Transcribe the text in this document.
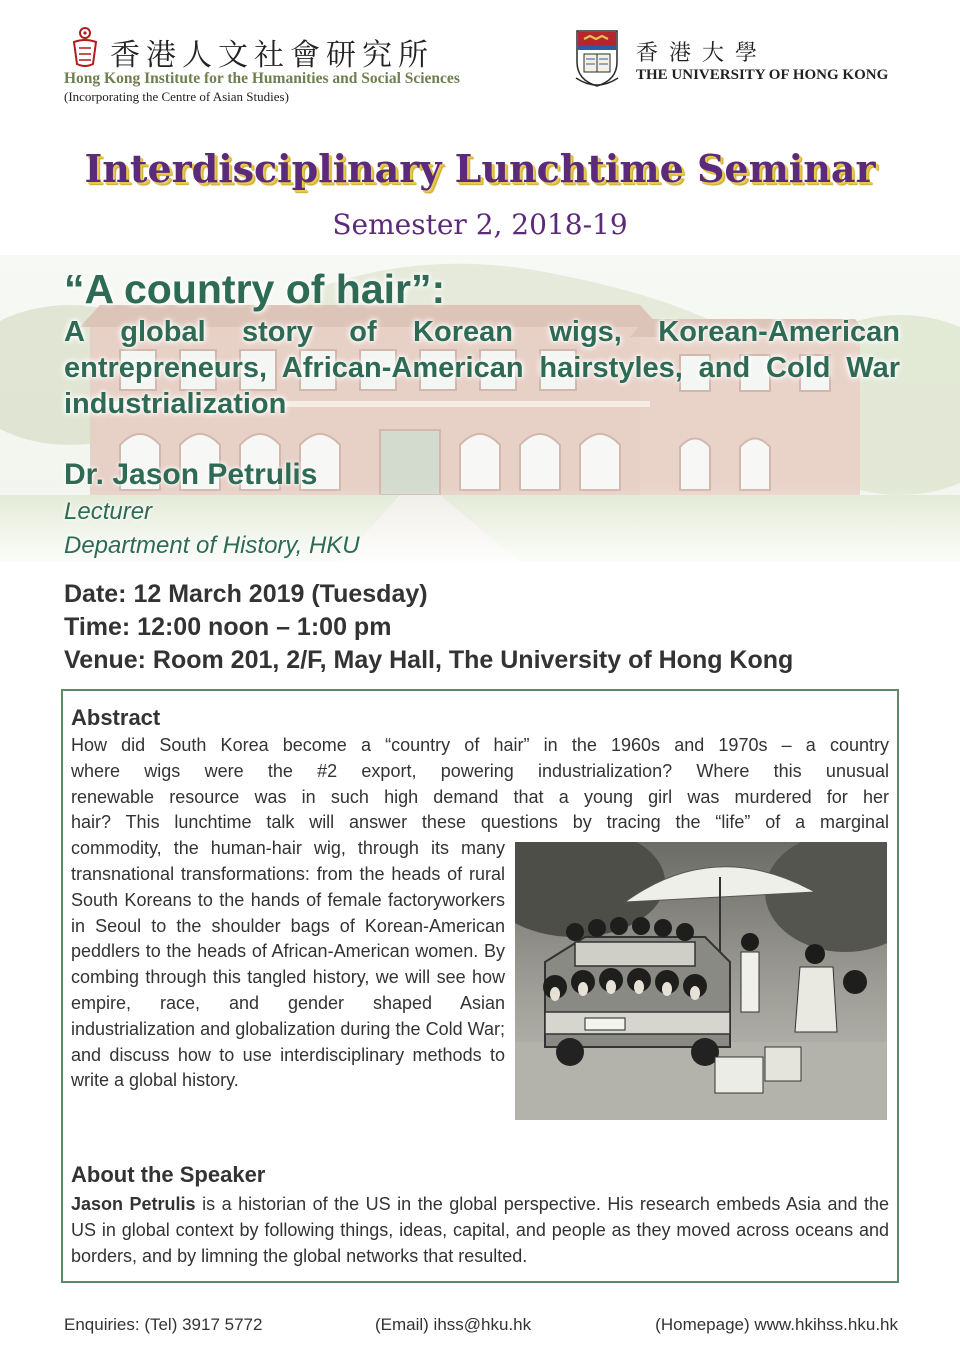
香港人文社會研究所
Hong Kong Institute for the Humanities and Social Sciences
(Incorporating the Centre of Asian Studies)
香港大學
THE UNIVERSITY OF HONG KONG
Interdisciplinary Lunchtime Seminar
Semester 2, 2018-19
“A country of hair”:
A global story of Korean wigs, Korean-American entrepreneurs, African-American hairstyles, and Cold War industrialization
Dr. Jason Petrulis
Lecturer
Department of History, HKU
Date: 12 March 2019 (Tuesday)
Time: 12:00 noon – 1:00 pm
Venue: Room 201, 2/F, May Hall, The University of Hong Kong
Abstract
How did South Korea become a “country of hair” in the 1960s and 1970s – a country
where wigs were the #2 export, powering industrialization? Where this unusual
renewable resource was in such high demand that a young girl was murdered for her
hair? This lunchtime talk will answer these questions by tracing the “life” of a marginal
commodity, the human-hair wig, through its many transnational transformations: from the heads of rural South Koreans to the hands of female factoryworkers in Seoul to the shoulder bags of Korean-American peddlers to the heads of African-American women. By combing through this tangled history, we will see how empire, race, and gender shaped Asian industrialization and globalization during the Cold War; and discuss how to use interdisciplinary methods to write a global history.
About the Speaker
Jason Petrulis is a historian of the US in the global perspective. His research embeds Asia and the US in global context by following things, ideas, capital, and people as they moved across oceans and borders, and by limning the global networks that resulted.
Enquiries: (Tel) 3917 5772	(Email) ihss@hku.hk	(Homepage) www.hkihss.hku.hk
